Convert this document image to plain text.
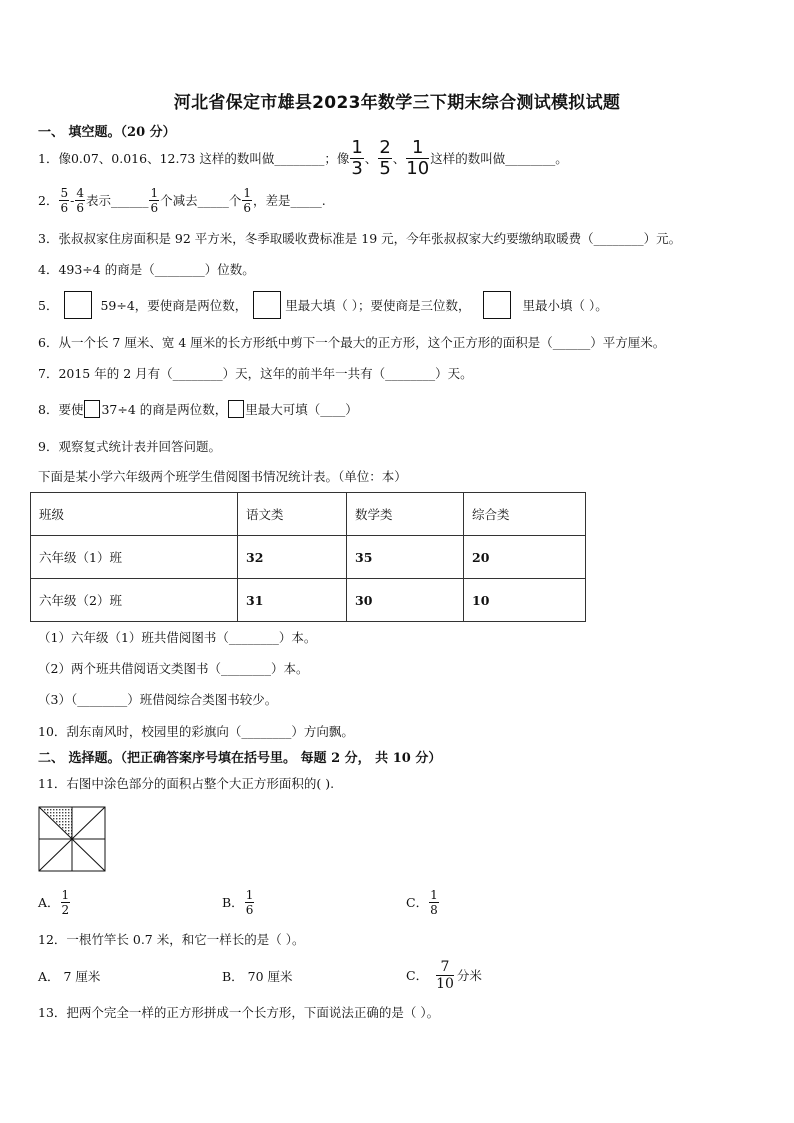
河北省保定市雄县2023年数学三下期末综合测试模拟试题
一、 填空题。（20 分）
1．像0.07、0.016、12.73 这样的数叫做________；像 $\frac{1}{3}$ 、 $\frac{2}{5}$ 、 $\frac{1}{10}$ 这样的数叫做________。
2． $\frac{5}{6} - \frac{4}{6}$ 表示______ $\frac{1}{6}$ 个减去_____个 $\frac{1}{6}$ ，差是_____.
3．张叔叔家住房面积是 92 平方米，冬季取暖收费标准是 19 元，今年张叔叔家大约要缴纳取暖费（________）元。
4．493÷4 的商是（________）位数。
5．	59÷4，要使商是两位数，	里最大填（ ）；要使商是三位数，	里最小填（ ）。
6．从一个长 7 厘米、宽 4 厘米的长方形纸中剪下一个最大的正方形，这个正方形的面积是（______）平方厘米。
7．2015 年的 2 月有（________）天，这年的前半年一共有（________）天。
8．要使 37÷4 的商是两位数， 里最大可填（____）
9．观察复式统计表并回答问题。
下面是某小学六年级两个班学生借阅图书情况统计表。（单位：本）
班级	语文类	数学类	综合类
六年级（1）班	32	35	20
六年级（2）班	31	30	10
（1）六年级（1）班共借阅图书（________）本。
（2）两个班共借阅语文类图书（________）本。
（3）（________）班借阅综合类图书较少。
10．刮东南风时，校园里的彩旗向（________）方向飘。
二、 选择题。（把正确答案序号填在括号里。 每题 2 分， 共 10 分）
11．右图中涂色部分的面积占整个大正方形面积的( ).
A． $\frac{1}{2}$	B． $\frac{1}{6}$	C． $\frac{1}{8}$
12．一根竹竿长 0.7 米，和它一样长的是（ ）。
A． 7 厘米	B． 70 厘米	C． $\frac{7}{10}$ 分米
13．把两个完全一样的正方形拼成一个长方形，下面说法正确的是（ ）。
